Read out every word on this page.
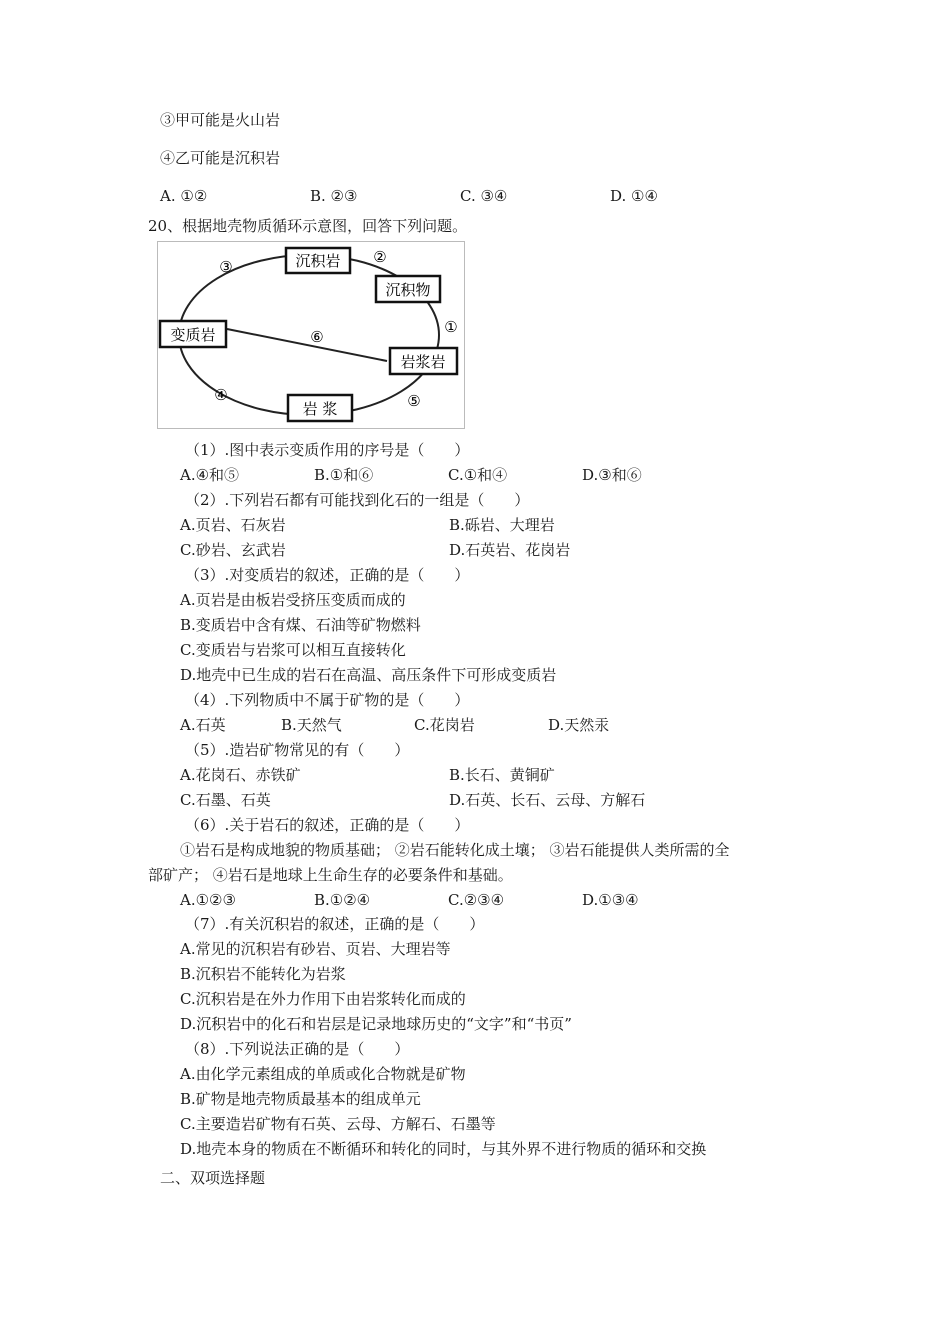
③甲可能是火山岩
④乙可能是沉积岩
A. ①②	B. ②③	C. ③④	D. ①④
20、根据地壳物质循环示意图，回答下列问题。
沉积岩
沉积物
变质岩
岩浆岩
岩 浆
①
②
③
④	⑤
⑥
（1）.图中表示变质作用的序号是（　　）
A.④和⑤	B.①和⑥	C.①和④	D.③和⑥
（2）.下列岩石都有可能找到化石的一组是（　　）
A.页岩、石灰岩	B.砾岩、大理岩
C.砂岩、玄武岩	D.石英岩、花岗岩
（3）.对变质岩的叙述，正确的是（　　）
A.页岩是由板岩受挤压变质而成的
B.变质岩中含有煤、石油等矿物燃料
C.变质岩与岩浆可以相互直接转化
D.地壳中已生成的岩石在高温、高压条件下可形成变质岩
（4）.下列物质中不属于矿物的是（　　）
A.石英	B.天然气	C.花岗岩	D.天然汞
（5）.造岩矿物常见的有（　　）
A.花岗石、赤铁矿	B.长石、黄铜矿
C.石墨、石英	D.石英、长石、云母、方解石
（6）.关于岩石的叙述，正确的是（　　）
①岩石是构成地貌的物质基础； ②岩石能转化成土壤； ③岩石能提供人类所需的全
部矿产； ④岩石是地球上生命生存的必要条件和基础。
A.①②③	B.①②④	C.②③④	D.①③④
（7）.有关沉积岩的叙述，正确的是（　　）
A.常见的沉积岩有砂岩、页岩、大理岩等
B.沉积岩不能转化为岩浆
C.沉积岩是在外力作用下由岩浆转化而成的
D.沉积岩中的化石和岩层是记录地球历史的“文字”和“书页”
（8）.下列说法正确的是（　　）
A.由化学元素组成的单质或化合物就是矿物
B.矿物是地壳物质最基本的组成单元
C.主要造岩矿物有石英、云母、方解石、石墨等
D.地壳本身的物质在不断循环和转化的同时，与其外界不进行物质的循环和交换
二、双项选择题
